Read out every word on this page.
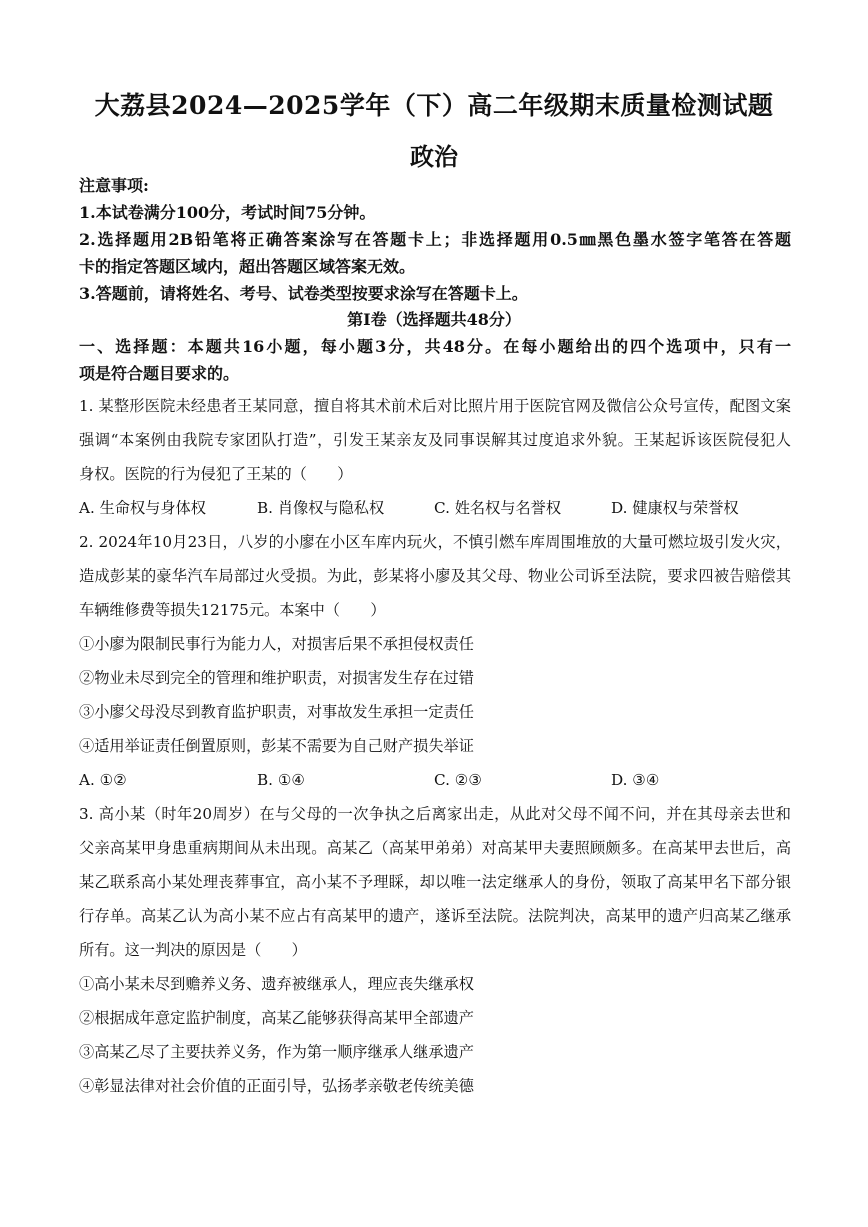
大荔县2024—2025学年（下）高二年级期末质量检测试题
政治
注意事项:
1.本试卷满分100分，考试时间75分钟。
2.选择题用2B铅笔将正确答案涂写在答题卡上；非选择题用0.5㎜黑色墨水签字笔答在答题
卡的指定答题区域内，超出答题区域答案无效。
3.答题前，请将姓名、考号、试卷类型按要求涂写在答题卡上。
第Ⅰ卷（选择题共48分）
一、选择题：本题共16小题，每小题3分，共48分。在每小题给出的四个选项中，只有一
项是符合题目要求的。
1. 某整形医院未经患者王某同意，擅自将其术前术后对比照片用于医院官网及微信公众号宣传，配图文案
强调“本案例由我院专家团队打造”，引发王某亲友及同事误解其过度追求外貌。王某起诉该医院侵犯人
身权。医院的行为侵犯了王某的（　　）
A. 生命权与身体权	B. 肖像权与隐私权	C. 姓名权与名誉权	D. 健康权与荣誉权
2. 2024年10月23日，八岁的小廖在小区车库内玩火，不慎引燃车库周围堆放的大量可燃垃圾引发火灾，
造成彭某的豪华汽车局部过火受损。为此，彭某将小廖及其父母、物业公司诉至法院，要求四被告赔偿其
车辆维修费等损失12175元。本案中（　　）
①小廖为限制民事行为能力人，对损害后果不承担侵权责任
②物业未尽到完全的管理和维护职责，对损害发生存在过错
③小廖父母没尽到教育监护职责，对事故发生承担一定责任
④适用举证责任倒置原则，彭某不需要为自己财产损失举证
A. ①②	B. ①④	C. ②③	D. ③④
3. 高小某（时年20周岁）在与父母的一次争执之后离家出走，从此对父母不闻不问，并在其母亲去世和
父亲高某甲身患重病期间从未出现。高某乙（高某甲弟弟）对高某甲夫妻照顾颇多。在高某甲去世后，高
某乙联系高小某处理丧葬事宜，高小某不予理睬，却以唯一法定继承人的身份，领取了高某甲名下部分银
行存单。高某乙认为高小某不应占有高某甲的遗产，遂诉至法院。法院判决，高某甲的遗产归高某乙继承
所有。这一判决的原因是（　　）
①高小某未尽到赡养义务、遗弃被继承人，理应丧失继承权
②根据成年意定监护制度，高某乙能够获得高某甲全部遗产
③高某乙尽了主要扶养义务，作为第一顺序继承人继承遗产
④彰显法律对社会价值的正面引导，弘扬孝亲敬老传统美德
